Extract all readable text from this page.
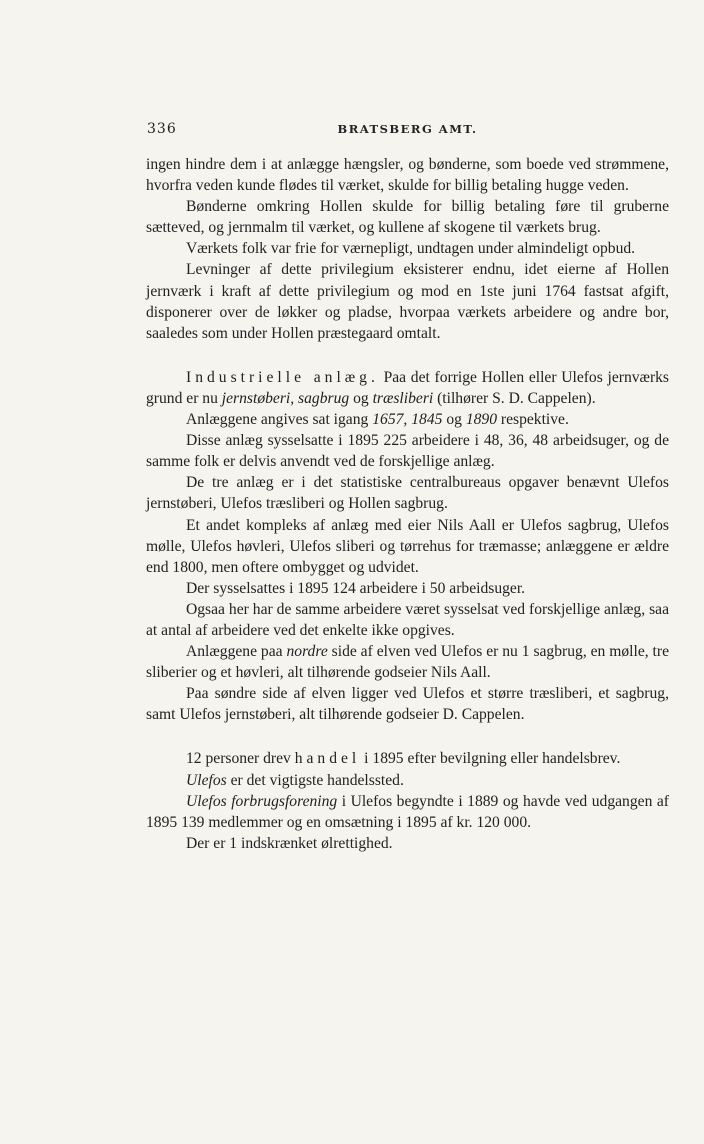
336	BRATSBERG AMT.

ingen hindre dem i at anlægge hængsler, og bønderne, som boede ved strømmene, hvorfra veden kunde flødes til værket, skulde for billig betaling hugge veden.

Bønderne omkring Hollen skulde for billig betaling føre til gruberne sætteved, og jernmalm til værket, og kullene af skogene til værkets brug.

Værkets folk var frie for værnepligt, undtagen under almindeligt opbud.

Levninger af dette privilegium eksisterer endnu, idet eierne af Hollen jernværk i kraft af dette privilegium og mod en 1ste juni 1764 fastsat afgift, disponerer over de løkker og pladse, hvorpaa værkets arbeidere og andre bor, saaledes som under Hollen præstegaard omtalt.

Industrielle anlæg. Paa det forrige Hollen eller Ulefos jernværks grund er nu jernstøberi, sagbrug og træsliberi (tilhører S. D. Cappelen).

Anlæggene angives sat igang 1657, 1845 og 1890 respektive.

Disse anlæg sysselsatte i 1895 225 arbeidere i 48, 36, 48 arbeidsuger, og de samme folk er delvis anvendt ved de forskjellige anlæg.

De tre anlæg er i det statistiske centralbureaus opgaver benævnt Ulefos jernstøberi, Ulefos træsliberi og Hollen sagbrug.

Et andet kompleks af anlæg med eier Nils Aall er Ulefos sagbrug, Ulefos mølle, Ulefos høvleri, Ulefos sliberi og tørrehus for træmasse; anlæggene er ældre end 1800, men oftere ombygget og udvidet.

Der sysselsattes i 1895 124 arbeidere i 50 arbeidsuger.

Ogsaa her har de samme arbeidere været sysselsat ved forskjellige anlæg, saa at antal af arbeidere ved det enkelte ikke opgives.

Anlæggene paa nordre side af elven ved Ulefos er nu 1 sagbrug, en mølle, tre sliberier og et høvleri, alt tilhørende godseier Nils Aall.

Paa søndre side af elven ligger ved Ulefos et større træsliberi, et sagbrug, samt Ulefos jernstøberi, alt tilhørende godseier D. Cappelen.

12 personer drev handel i 1895 efter bevilgning eller handelsbrev.

Ulefos er det vigtigste handelssted.

Ulefos forbrugsforening i Ulefos begyndte i 1889 og havde ved udgangen af 1895 139 medlemmer og en omsætning i 1895 af kr. 120 000.

Der er 1 indskrænket ølrettighed.
